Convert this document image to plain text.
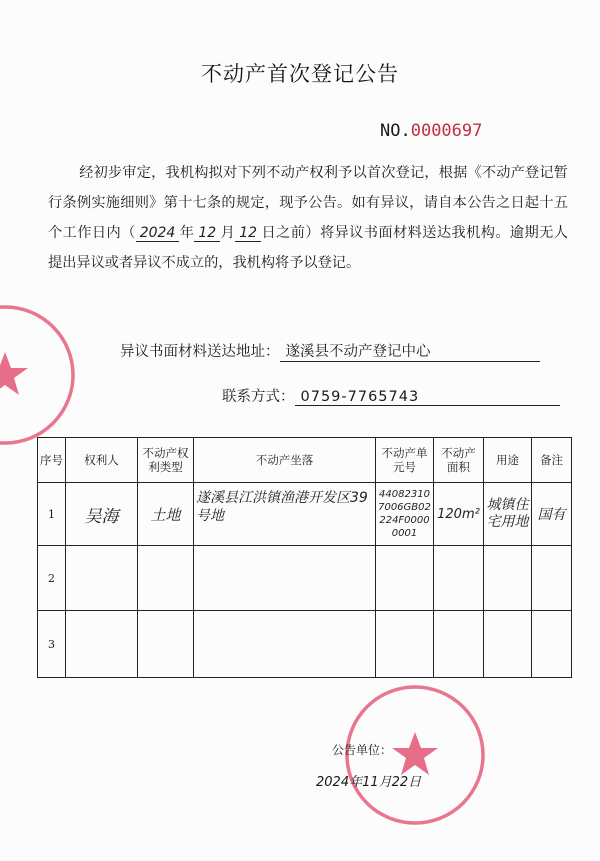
不动产首次登记公告
NO.0000697

经初步审定，我机构拟对下列不动产权利予以首次登记，根据《不动产登记暂行条例实施细则》第十七条的规定，现予公告。如有异议，请自本公告之日起十五个工作日内（ 2024 年 12 月 12 日之前）将异议书面材料送达我机构。逾期无人提出异议或者异议不成立的，我机构将予以登记。

异议书面材料送达地址： 遂溪县不动产登记中心
联系方式： 0759-7765743
序号	权利人	不动产权利类型	不动产坐落	不动产单元号	不动产面积	用途	备注
1	吴海	土地	遂溪县江洪镇渔港开发区39号地	440823107006GB02224F00000001	120m²	城镇住宅用地	国有
2							
3							
公告单位：
2024年11月22日
